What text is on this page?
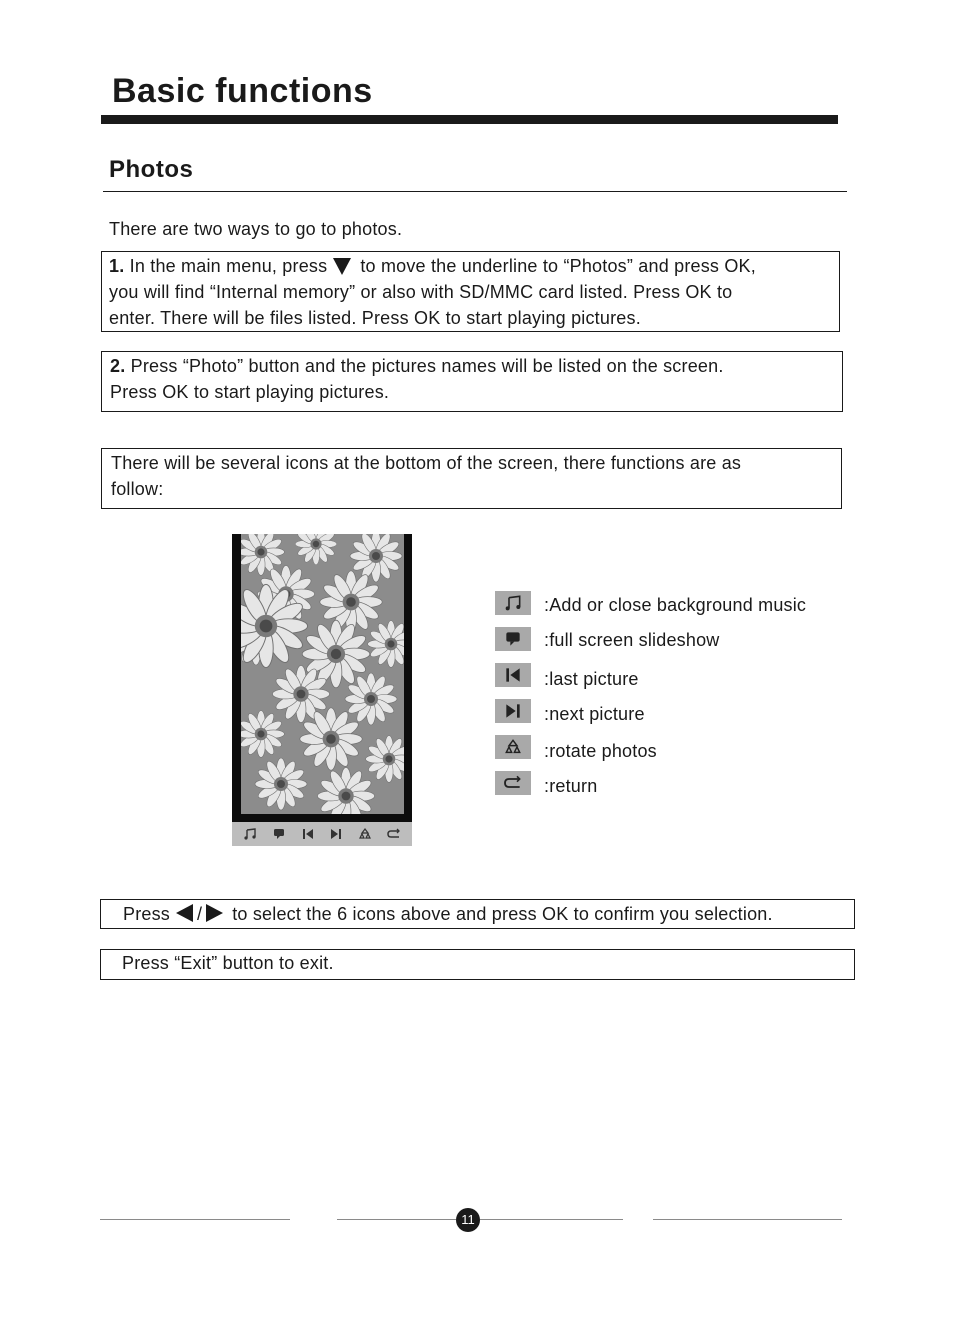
Basic functions
Photos
There are two ways to go to photos.
1. In the main menu, press to move the underline to “Photos” and press OK,
you will find “Internal memory” or also with SD/MMC card listed. Press OK to
enter. There will be files listed. Press OK to start playing pictures.
2. Press “Photo” button and the pictures names will be listed on the screen.
Press OK to start playing pictures.
There will be several icons at the bottom of the screen, there functions are as
follow:
:Add or close background music
:full screen slideshow
:last picture
:next picture
:rotate photos
:return
Press / to select the 6 icons above and press OK to confirm you selection.
Press “Exit” button to exit.
11
